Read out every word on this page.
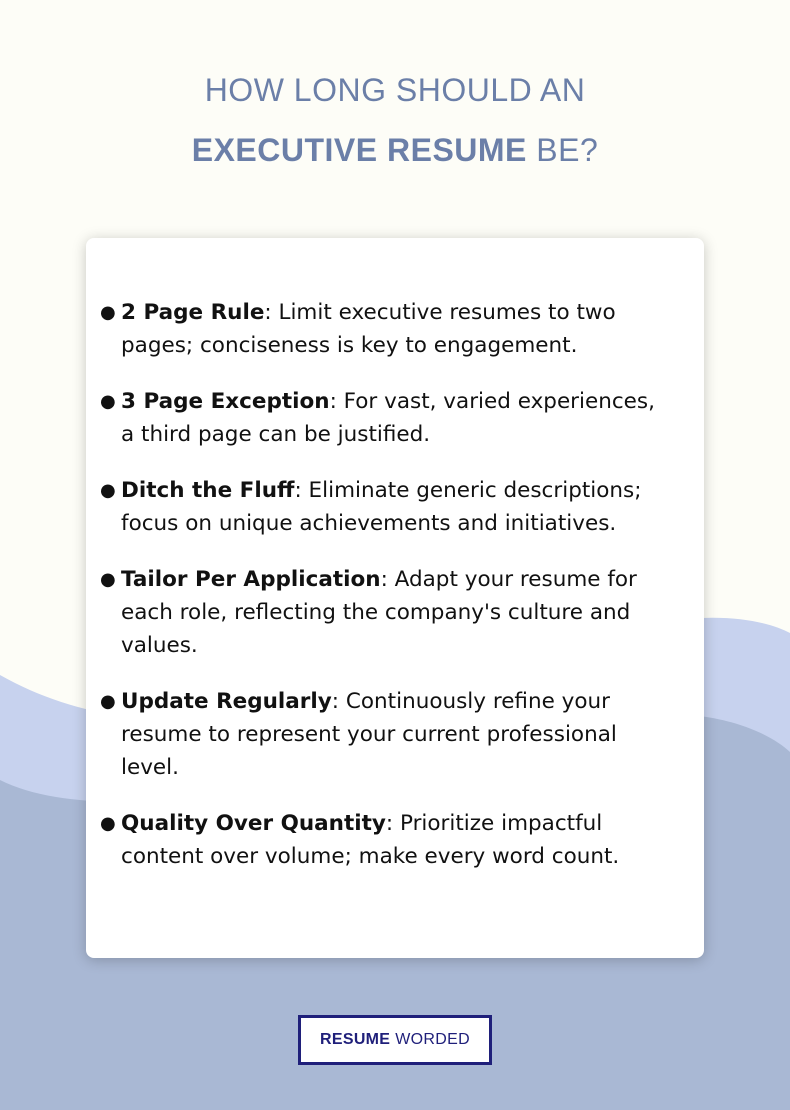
HOW LONG SHOULD AN
EXECUTIVE RESUME BE?
● 2 Page Rule: Limit executive resumes to two pages; conciseness is key to engagement.
● 3 Page Exception: For vast, varied experiences, a third page can be justified.
● Ditch the Fluff: Eliminate generic descriptions; focus on unique achievements and initiatives.
● Tailor Per Application: Adapt your resume for each role, reflecting the company's culture and values.
● Update Regularly: Continuously refine your resume to represent your current professional level.
● Quality Over Quantity: Prioritize impactful content over volume; make every word count.
RESUME WORDED
